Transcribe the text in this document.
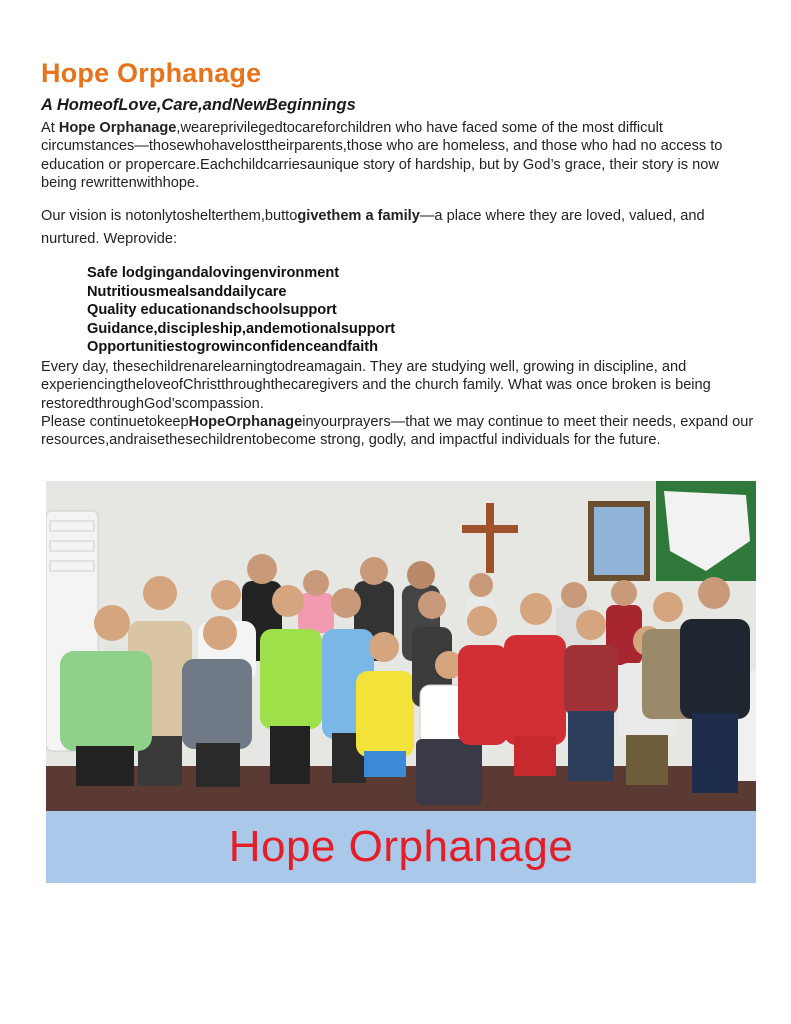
Hope Orphanage
A HomeofLove,Care,andNewBeginnings

At Hope Orphanage,weareprivilegedtocareforchildren who have faced some of the most difficult circumstances—thosewhohavelosttheirparents,those who are homeless, and those who had no access to education or propercare.Eachchildcarriesaunique story of hardship, but by God’s grace, their story is now being rewrittenwithhope.

Our vision is notonlytoshelterthem,buttogivethem a family—a place where they are loved, valued, and nurtured. Weprovide:

Safe lodgingandalovingenvironment
Nutritiousmealsanddailycare
Quality educationandschoolsupport
Guidance,discipleship,andemotionalsupport
Opportunitiestogrowinconfidenceandfaith

Every day, thesechildrenarelearningtodreamagain. They are studying well, growing in discipline, and experiencingtheloveofChristthroughthecaregivers and the church family. What was once broken is being restoredthroughGod’scompassion.

Please continuetokeepHopeOrphanageinyourprayers—that we may continue to meet their needs, expand our resources,andraisethesechildrentobecome strong, godly, and impactful individuals for the future.

Hope Orphanage
